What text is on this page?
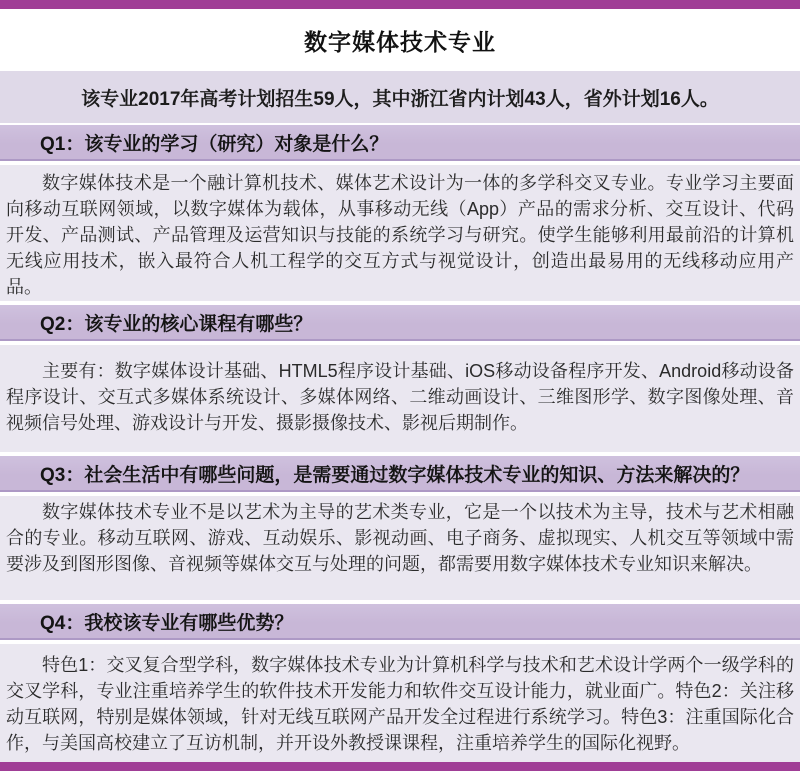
数字媒体技术专业
该专业2017年高考计划招生59人，其中浙江省内计划43人，省外计划16人。
Q1：该专业的学习（研究）对象是什么？

数字媒体技术是一个融计算机技术、媒体艺术设计为一体的多学科交叉专业。专业学习主要面向移动互联网领域，以数字媒体为载体，从事移动无线（App）产品的需求分析、交互设计、代码开发、产品测试、产品管理及运营知识与技能的系统学习与研究。使学生能够利用最前沿的计算机无线应用技术，嵌入最符合人机工程学的交互方式与视觉设计，创造出最易用的无线移动应用产品。

Q2：该专业的核心课程有哪些？

主要有：数字媒体设计基础、HTML5程序设计基础、iOS移动设备程序开发、Android移动设备程序设计、交互式多媒体系统设计、多媒体网络、二维动画设计、三维图形学、数字图像处理、音视频信号处理、游戏设计与开发、摄影摄像技术、影视后期制作。

Q3：社会生活中有哪些问题，是需要通过数字媒体技术专业的知识、方法来解决的？

数字媒体技术专业不是以艺术为主导的艺术类专业，它是一个以技术为主导，技术与艺术相融合的专业。移动互联网、游戏、互动娱乐、影视动画、电子商务、虚拟现实、人机交互等领域中需要涉及到图形图像、音视频等媒体交互与处理的问题，都需要用数字媒体技术专业知识来解决。

Q4：我校该专业有哪些优势？

特色1：交叉复合型学科，数字媒体技术专业为计算机科学与技术和艺术设计学两个一级学科的交叉学科，专业注重培养学生的软件技术开发能力和软件交互设计能力，就业面广。特色2：关注移动互联网，特别是媒体领域，针对无线互联网产品开发全过程进行系统学习。特色3：注重国际化合作，与美国高校建立了互访机制，并开设外教授课课程，注重培养学生的国际化视野。
